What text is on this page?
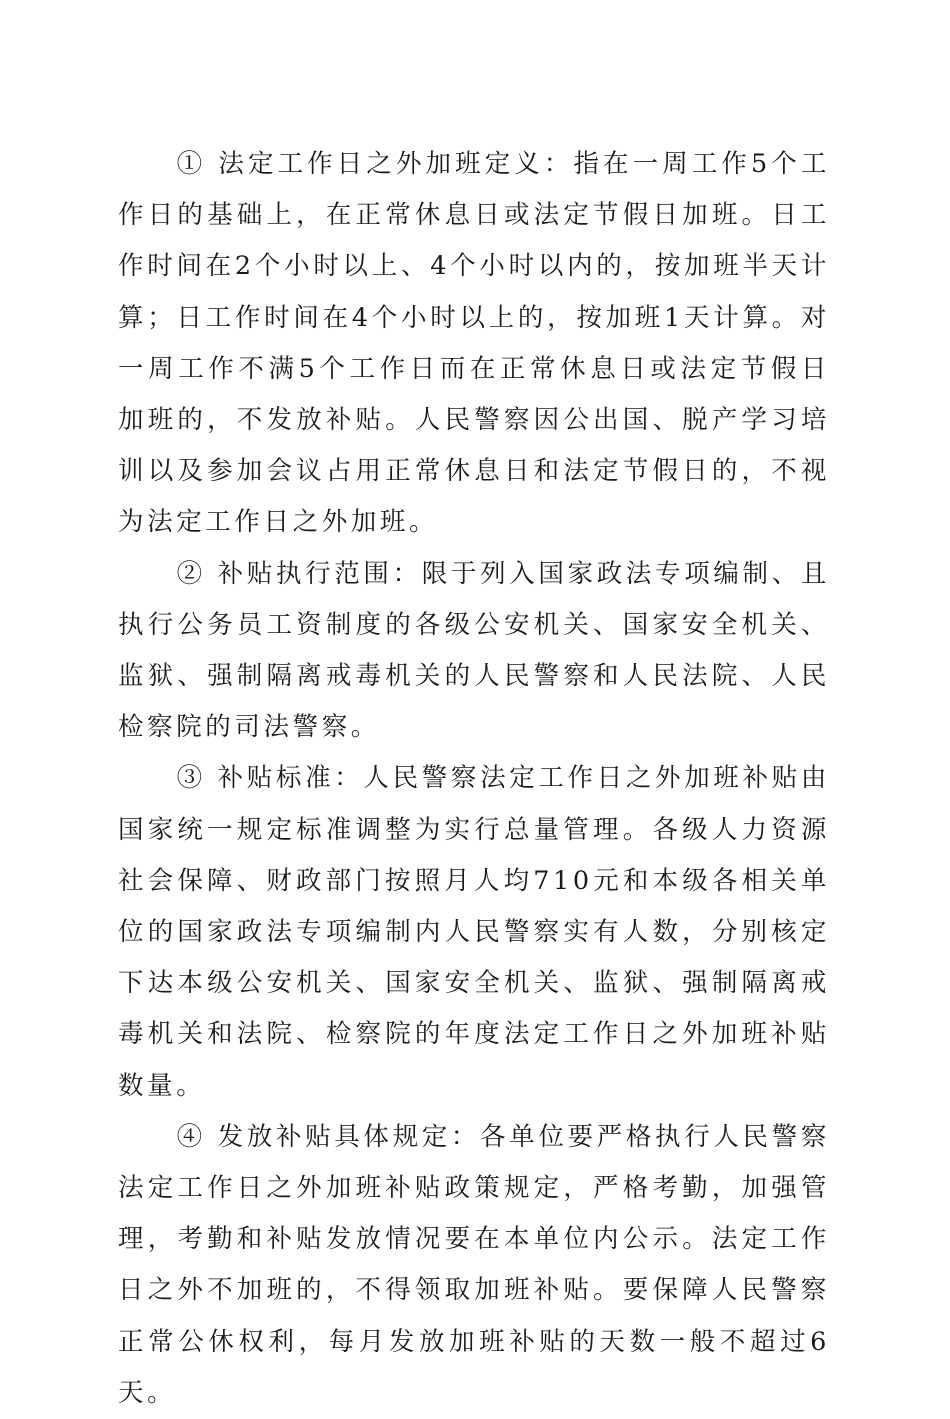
① 法定工作日之外加班定义：指在一周工作5个工作日的基础上，在正常休息日或法定节假日加班。日工作时间在2个小时以上、4个小时以内的，按加班半天计算；日工作时间在4个小时以上的，按加班1天计算。对一周工作不满5个工作日而在正常休息日或法定节假日加班的，不发放补贴。人民警察因公出国、脱产学习培训以及参加会议占用正常休息日和法定节假日的，不视为法定工作日之外加班。

② 补贴执行范围：限于列入国家政法专项编制、且执行公务员工资制度的各级公安机关、国家安全机关、监狱、强制隔离戒毒机关的人民警察和人民法院、人民检察院的司法警察。

③ 补贴标准：人民警察法定工作日之外加班补贴由国家统一规定标准调整为实行总量管理。各级人力资源社会保障、财政部门按照月人均710元和本级各相关单位的国家政法专项编制内人民警察实有人数，分别核定下达本级公安机关、国家安全机关、监狱、强制隔离戒毒机关和法院、检察院的年度法定工作日之外加班补贴数量。

④ 发放补贴具体规定：各单位要严格执行人民警察法定工作日之外加班补贴政策规定，严格考勤，加强管理，考勤和补贴发放情况要在本单位内公示。法定工作日之外不加班的，不得领取加班补贴。要保障人民警察正常公休权利，每月发放加班补贴的天数一般不超过6天。
